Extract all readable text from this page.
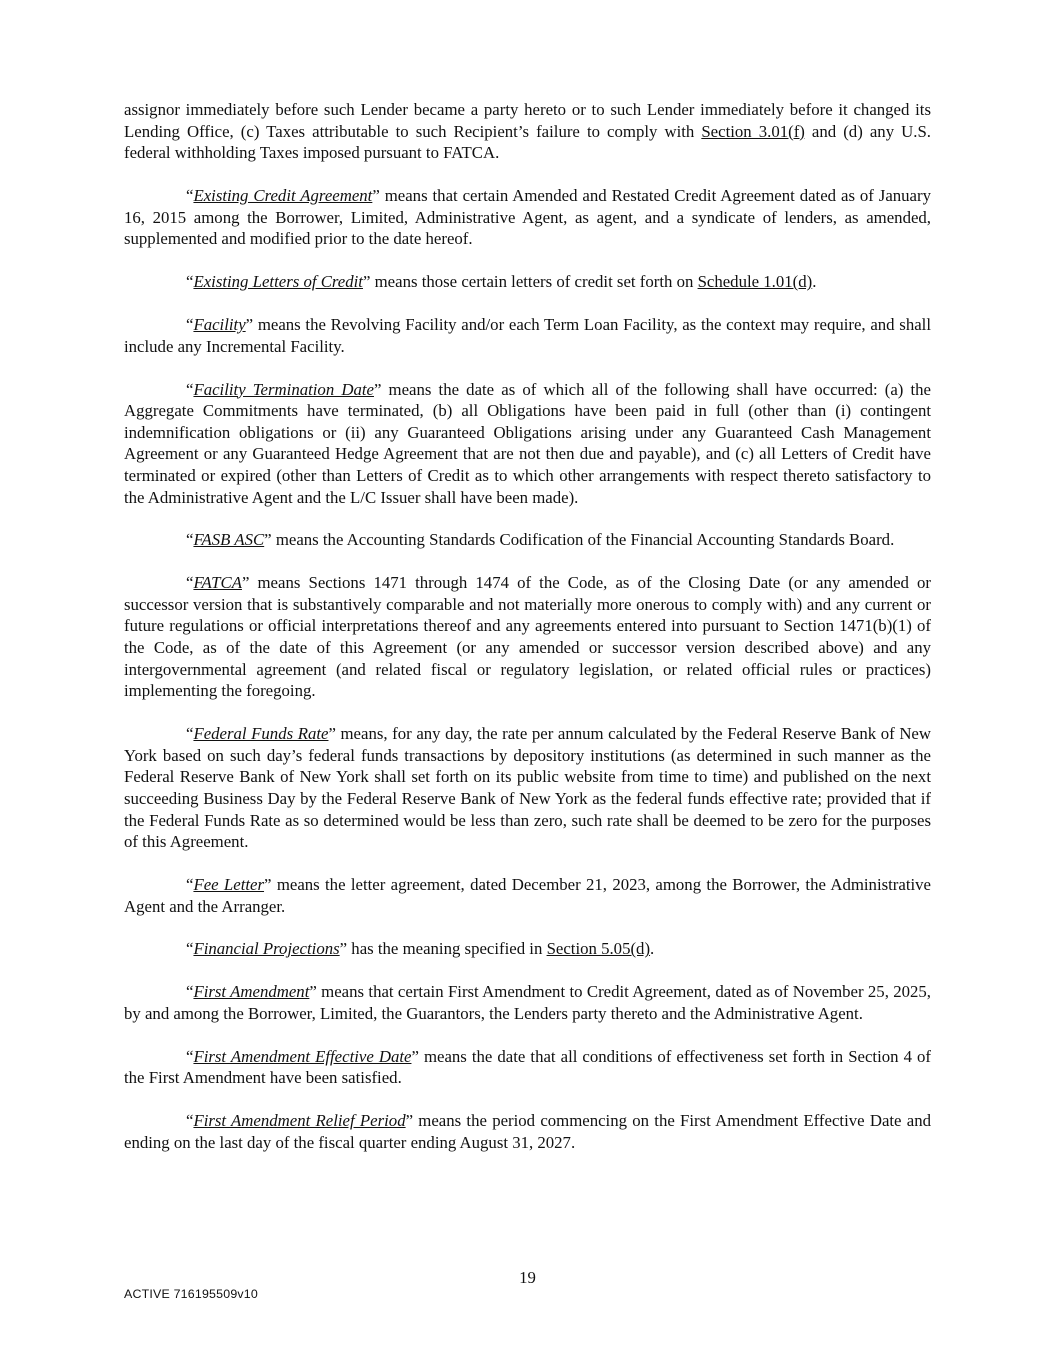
assignor immediately before such Lender became a party hereto or to such Lender immediately before it changed its Lending Office, (c) Taxes attributable to such Recipient’s failure to comply with Section 3.01(f) and (d) any U.S. federal withholding Taxes imposed pursuant to FATCA.

“Existing Credit Agreement” means that certain Amended and Restated Credit Agreement dated as of January 16, 2015 among the Borrower, Limited, Administrative Agent, as agent, and a syndicate of lenders, as amended, supplemented and modified prior to the date hereof.

“Existing Letters of Credit” means those certain letters of credit set forth on Schedule 1.01(d).

“Facility” means the Revolving Facility and/or each Term Loan Facility, as the context may require, and shall include any Incremental Facility.

“Facility Termination Date” means the date as of which all of the following shall have occurred: (a) the Aggregate Commitments have terminated, (b) all Obligations have been paid in full (other than (i) contingent indemnification obligations or (ii) any Guaranteed Obligations arising under any Guaranteed Cash Management Agreement or any Guaranteed Hedge Agreement that are not then due and payable), and (c) all Letters of Credit have terminated or expired (other than Letters of Credit as to which other arrangements with respect thereto satisfactory to the Administrative Agent and the L/C Issuer shall have been made).

“FASB ASC” means the Accounting Standards Codification of the Financial Accounting Standards Board.

“FATCA” means Sections 1471 through 1474 of the Code, as of the Closing Date (or any amended or successor version that is substantively comparable and not materially more onerous to comply with) and any current or future regulations or official interpretations thereof and any agreements entered into pursuant to Section 1471(b)(1) of the Code, as of the date of this Agreement (or any amended or successor version described above) and any intergovernmental agreement (and related fiscal or regulatory legislation, or related official rules or practices) implementing the foregoing.

“Federal Funds Rate” means, for any day, the rate per annum calculated by the Federal Reserve Bank of New York based on such day’s federal funds transactions by depository institutions (as determined in such manner as the Federal Reserve Bank of New York shall set forth on its public website from time to time) and published on the next succeeding Business Day by the Federal Reserve Bank of New York as the federal funds effective rate; provided that if the Federal Funds Rate as so determined would be less than zero, such rate shall be deemed to be zero for the purposes of this Agreement.

“Fee Letter” means the letter agreement, dated December 21, 2023, among the Borrower, the Administrative Agent and the Arranger.

“Financial Projections” has the meaning specified in Section 5.05(d).

“First Amendment” means that certain First Amendment to Credit Agreement, dated as of November 25, 2025, by and among the Borrower, Limited, the Guarantors, the Lenders party thereto and the Administrative Agent.

“First Amendment Effective Date” means the date that all conditions of effectiveness set forth in Section 4 of the First Amendment have been satisfied.

“First Amendment Relief Period” means the period commencing on the First Amendment Effective Date and ending on the last day of the fiscal quarter ending August 31, 2027.

19
ACTIVE 716195509v10
